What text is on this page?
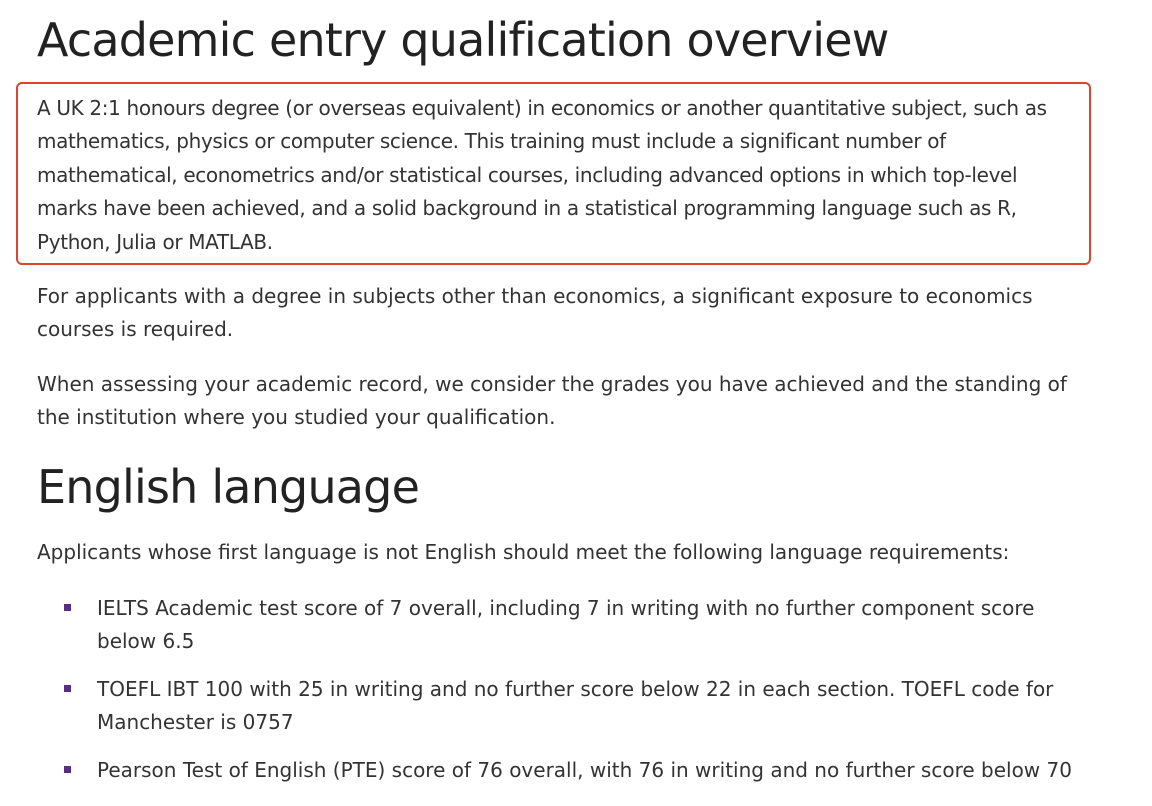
Academic entry qualification overview

A UK 2:1 honours degree (or overseas equivalent) in economics or another quantitative subject, such as mathematics, physics or computer science. This training must include a significant number of mathematical, econometrics and/or statistical courses, including advanced options in which top-level marks have been achieved, and a solid background in a statistical programming language such as R, Python, Julia or MATLAB.

For applicants with a degree in subjects other than economics, a significant exposure to economics courses is required.

When assessing your academic record, we consider the grades you have achieved and the standing of the institution where you studied your qualification.

English language

Applicants whose first language is not English should meet the following language requirements:

IELTS Academic test score of 7 overall, including 7 in writing with no further component score below 6.5
TOEFL IBT 100 with 25 in writing and no further score below 22 in each section. TOEFL code for Manchester is 0757
Pearson Test of English (PTE) score of 76 overall, with 76 in writing and no further score below 70
